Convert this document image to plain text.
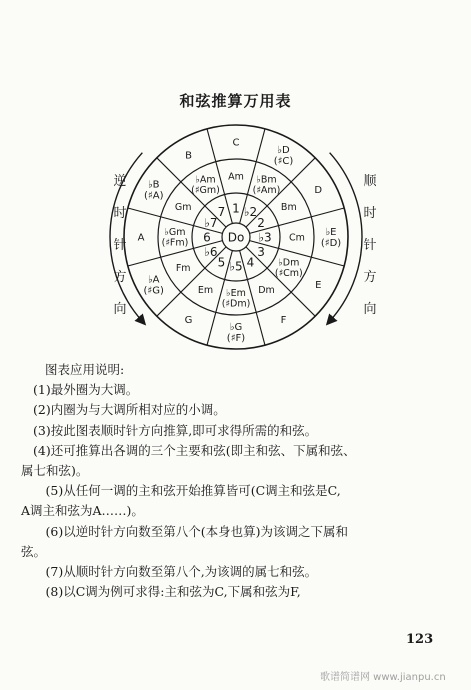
和弦推算万用表
逆
时
针
方
向
顺
时
针
方
向
C
♭D (♯C)
D
♭E (♯D)
E
F
♭G (♯F)
G
♭A (♯G)
A
♭B (♯A)
B
Am	♭Bm (♯Am)
Bm
Cm
♭Dm (♯Cm)
Dm
♭Em (♯Dm)
Em
Fm
♭Gm (♯Fm)
Gm
♭Am (♯Gm)
1 ♭2
2
♭3
3
4
♭5
5
♭6
6
♭7
7
Do

图表应用说明:

(1)最外圈为大调。

(2)内圈为与大调所相对应的小调。

(3)按此图表顺时针方向推算,即可求得所需的和弦。

(4)还可推算出各调的三个主要和弦(即主和弦、下属和弦、

属七和弦)。

　(5)从任何一调的主和弦开始推算皆可(C调主和弦是C,

A调主和弦为A……)。

　(6)以逆时针方向数至第八个(本身也算)为该调之下属和

弦。

　(7)从顺时针方向数至第八个,为该调的属七和弦。

　(8)以C调为例可求得:主和弦为C,下属和弦为F,

123
歌谱简谱网 www.jianpu.cn
